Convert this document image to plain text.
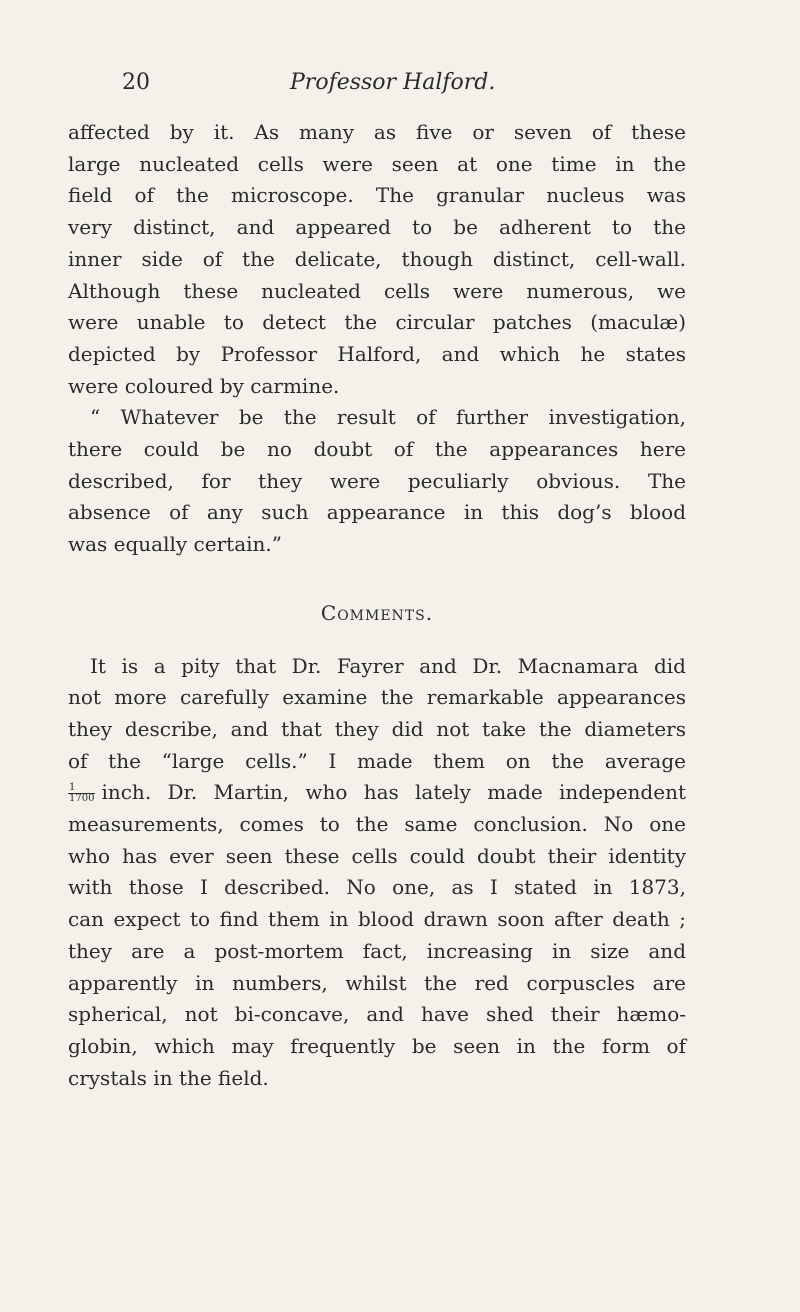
20	Professor Halford.
affected by it. As many as five or seven of these
large nucleated cells were seen at one time in the
field of the microscope. The granular nucleus was
very distinct, and appeared to be adherent to the
inner side of the delicate, though distinct, cell-wall.
Although these nucleated cells were numerous, we
were unable to detect the circular patches (maculæ)
depicted by Professor Halford, and which he states
were coloured by carmine.
“ Whatever be the result of further investigation,
there could be no doubt of the appearances here
described, for they were peculiarly obvious. The
absence of any such appearance in this dog’s blood
was equally certain.”
Comments.
It is a pity that Dr. Fayrer and Dr. Macnamara did
not more carefully examine the remarkable appearances
they describe, and that they did not take the diameters
of the “large cells.” I made them on the average
$\frac{1}{1700}$ inch. Dr. Martin, who has lately made independent
measurements, comes to the same conclusion. No one
who has ever seen these cells could doubt their identity
with those I described. No one, as I stated in 1873,
can expect to find them in blood drawn soon after death ;
they are a post-mortem fact, increasing in size and
apparently in numbers, whilst the red corpuscles are
spherical, not bi-concave, and have shed their hæmo-
globin, which may frequently be seen in the form of
crystals in the field.
